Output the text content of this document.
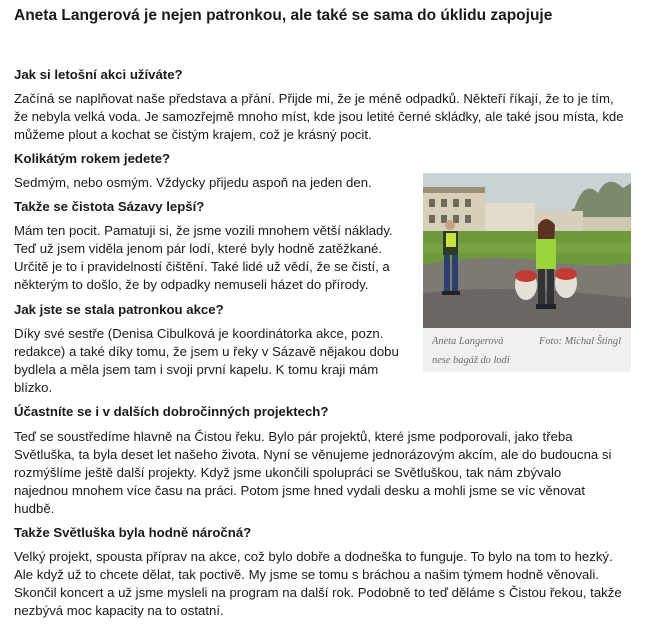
Aneta Langerová je nejen patronkou, ale také se sama do úklidu zapojuje

Jak si letošní akci užíváte?

Začíná se naplňovat naše představa a přání. Přijde mi, že je méně odpadků. Někteří říkají, že to je tím, že nebyla velká voda. Je samozřejmě mnoho míst, kde jsou letité černé skládky, ale také jsou místa, kde můžeme plout a kochat se čistým krajem, což je krásný pocit.

Kolikátým rokem jedete?

Sedmým, nebo osmým. Vždycky přijedu aspoň na jeden den.

Takže se čistota Sázavy lepší?

Mám ten pocit. Pamatuji si, že jsme vozili mnohem větší náklady. Teď už jsem viděla jenom pár lodí, které byly hodně zatěžkané. Určitě je to i pravidelností čištění. Také lidé už vědí, že se čistí, a některým to došlo, že by odpadky nemuseli házet do přírody.

Jak jste se stala patronkou akce?

Díky své sestře (Denisa Cibulková je koordinátorka akce, pozn. redakce) a také díky tomu, že jsem u řeky v Sázavě nějakou dobu bydlela a měla jsem tam i svoji první kapelu. K tomu kraji mám blízko.

Účastníte se i v dalších dobročinných projektech?

Teď se soustředíme hlavně na Čistou řeku. Bylo pár projektů, které jsme podporovali, jako třeba Světluška, ta byla deset let našeho života. Nyní se věnujeme jednorázovým akcím, ale do budoucna si rozmýšlíme ještě další projekty. Když jsme ukončili spolupráci se Světluškou, tak nám zbývalo najednou mnohem více času na práci. Potom jsme hned vydali desku a mohli jsme se víc věnovat hudbě.

Takže Světluška byla hodně náročná?

Velký projekt, spousta příprav na akce, což bylo dobře a dodneška to funguje. To bylo na tom to hezký. Ale když už to chcete dělat, tak poctivě. My jsme se tomu s bráchou a našim týmem hodně věnovali. Skončil koncert a už jsme mysleli na program na další rok. Podobně to teď děláme s Čistou řekou, takže nezbývá moc kapacity na to ostatní.

Aneta Langerová	Foto: Michal Štingl
nese bagáž do lodi
